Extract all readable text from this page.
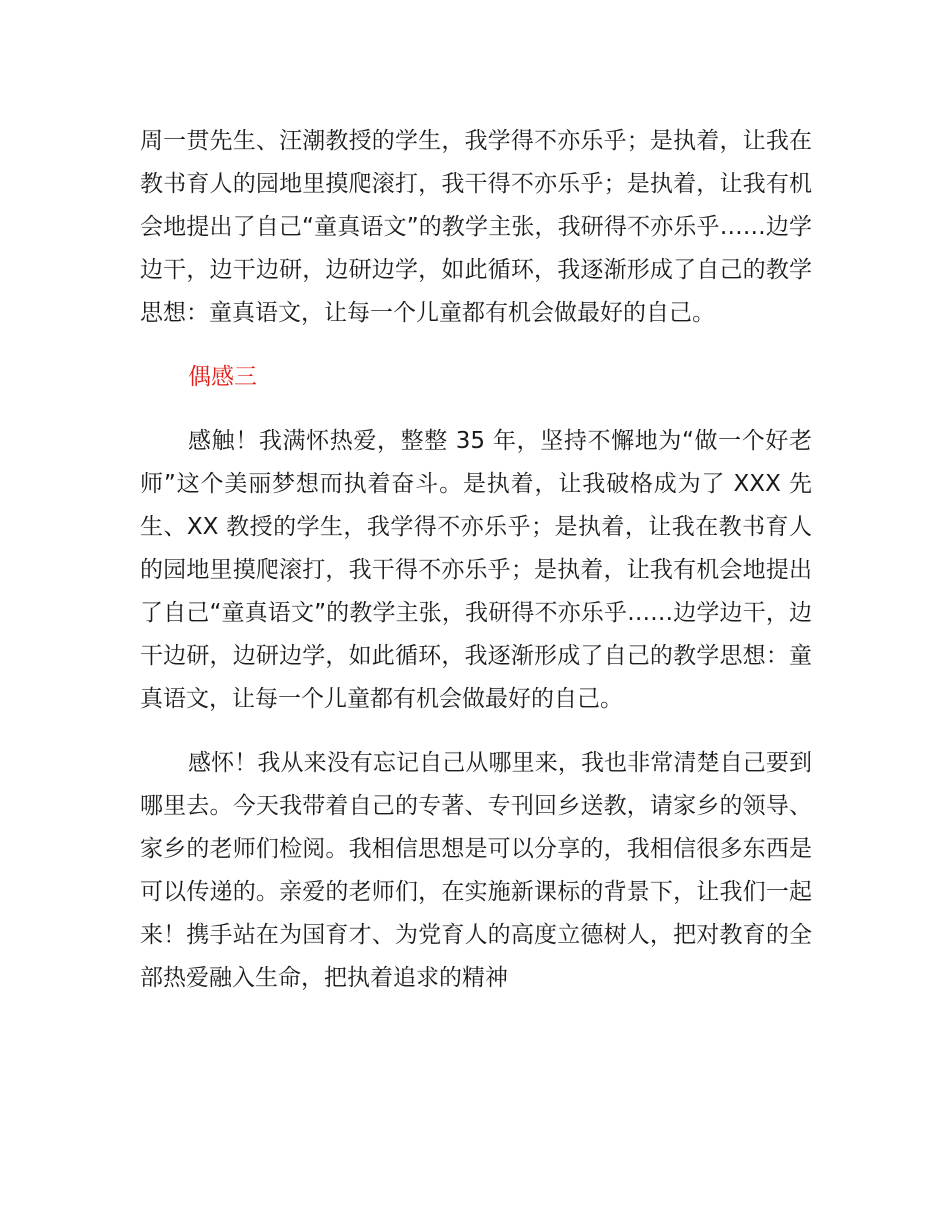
周一贯先生、汪潮教授的学生，我学得不亦乐乎；是执着，让我在教书育人的园地里摸爬滚打，我干得不亦乐乎；是执着，让我有机会地提出了自己“童真语文”的教学主张，我研得不亦乐乎……边学边干，边干边研，边研边学，如此循环，我逐渐形成了自己的教学思想：童真语文，让每一个儿童都有机会做最好的自己。

偶感三

感触！我满怀热爱，整整 35 年，坚持不懈地为“做一个好老师”这个美丽梦想而执着奋斗。是执着，让我破格成为了 XXX 先生、XX 教授的学生，我学得不亦乐乎；是执着，让我在教书育人的园地里摸爬滚打，我干得不亦乐乎；是执着，让我有机会地提出了自己“童真语文”的教学主张，我研得不亦乐乎……边学边干，边干边研，边研边学，如此循环，我逐渐形成了自己的教学思想：童真语文，让每一个儿童都有机会做最好的自己。

感怀！我从来没有忘记自己从哪里来，我也非常清楚自己要到哪里去。今天我带着自己的专著、专刊回乡送教，请家乡的领导、家乡的老师们检阅。我相信思想是可以分享的，我相信很多东西是可以传递的。亲爱的老师们，在实施新课标的背景下，让我们一起来！携手站在为国育才、为党育人的高度立德树人，把对教育的全部热爱融入生命，把执着追求的精神
